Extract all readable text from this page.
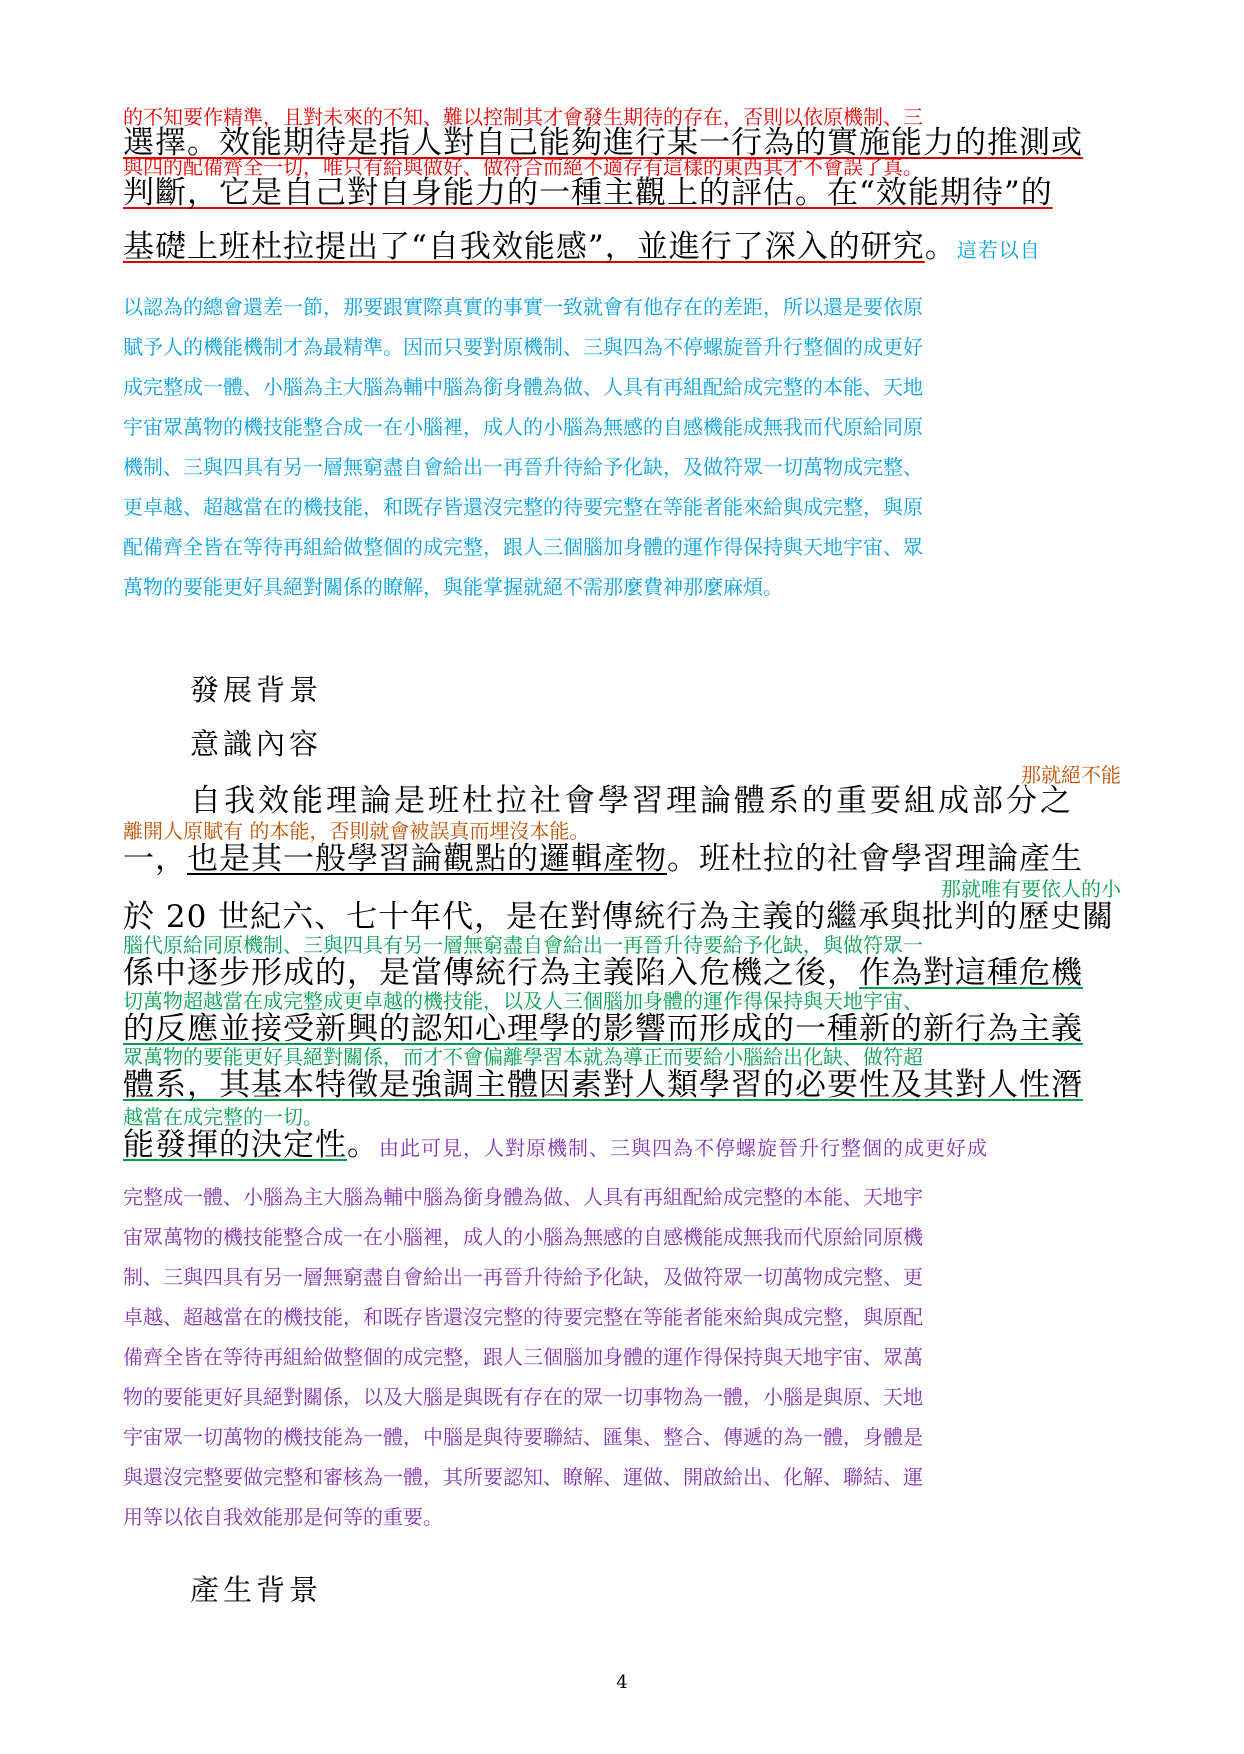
的不知要作精準，且對未來的不知、難以控制其才會發生期待的存在，否則以依原機制、三
選擇。效能期待是指人對自己能夠進行某一行為的實施能力的推測或
與四的配備齊全一切，唯只有給與做好、做符合而絕不適存有這樣的東西其才不會誤了真。
判斷，它是自己對自身能力的一種主觀上的評估。在“效能期待”的
基礎上班杜拉提出了“自我效能感”，並進行了深入的研究。這若以自
以認為的總會還差一節，那要跟實際真實的事實一致就會有他存在的差距，所以還是要依原
賦予人的機能機制才為最精準。因而只要對原機制、三與四為不停螺旋晉升行整個的成更好
成完整成一體、小腦為主大腦為輔中腦為銜身體為做、人具有再組配給成完整的本能、天地
宇宙眾萬物的機技能整合成一在小腦裡，成人的小腦為無感的自感機能成無我而代原給同原
機制、三與四具有另一層無窮盡自會給出一再晉升待給予化缺，及做符眾一切萬物成完整、
更卓越、超越當在的機技能，和既存皆還沒完整的待要完整在等能者能來給與成完整，與原
配備齊全皆在等待再組給做整個的成完整，跟人三個腦加身體的運作得保持與天地宇宙、眾
萬物的要能更好具絕對關係的瞭解，與能掌握就絕不需那麼費神那麼麻煩。
發展背景
意識內容
那就絕不能
自我效能理論是班杜拉社會學習理論體系的重要組成部分之
離開人原賦有 的本能，否則就會被誤真而埋沒本能。
一，也是其一般學習論觀點的邏輯產物。班杜拉的社會學習理論產生
那就唯有要依人的小
於 20 世紀六、七十年代，是在對傳統行為主義的繼承與批判的歷史關
腦代原給同原機制、三與四具有另一層無窮盡自會給出一再晉升待要給予化缺，與做符眾一
係中逐步形成的，是當傳統行為主義陷入危機之後，作為對這種危機
切萬物超越當在成完整成更卓越的機技能，以及人三個腦加身體的運作得保持與天地宇宙、
的反應並接受新興的認知心理學的影響而形成的一種新的新行為主義
眾萬物的要能更好具絕對關係，而才不會偏離學習本就為導正而要給小腦給出化缺、做符超
體系，其基本特徵是強調主體因素對人類學習的必要性及其對人性潛
越當在成完整的一切。
能發揮的決定性。由此可見，人對原機制、三與四為不停螺旋晉升行整個的成更好成
完整成一體、小腦為主大腦為輔中腦為銜身體為做、人具有再組配給成完整的本能、天地宇
宙眾萬物的機技能整合成一在小腦裡，成人的小腦為無感的自感機能成無我而代原給同原機
制、三與四具有另一層無窮盡自會給出一再晉升待給予化缺，及做符眾一切萬物成完整、更
卓越、超越當在的機技能，和既存皆還沒完整的待要完整在等能者能來給與成完整，與原配
備齊全皆在等待再組給做整個的成完整，跟人三個腦加身體的運作得保持與天地宇宙、眾萬
物的要能更好具絕對關係，以及大腦是與既有存在的眾一切事物為一體，小腦是與原、天地
宇宙眾一切萬物的機技能為一體，中腦是與待要聯結、匯集、整合、傳遞的為一體，身體是
與還沒完整要做完整和審核為一體，其所要認知、瞭解、運做、開啟給出、化解、聯結、運
用等以依自我效能那是何等的重要。
產生背景
4
